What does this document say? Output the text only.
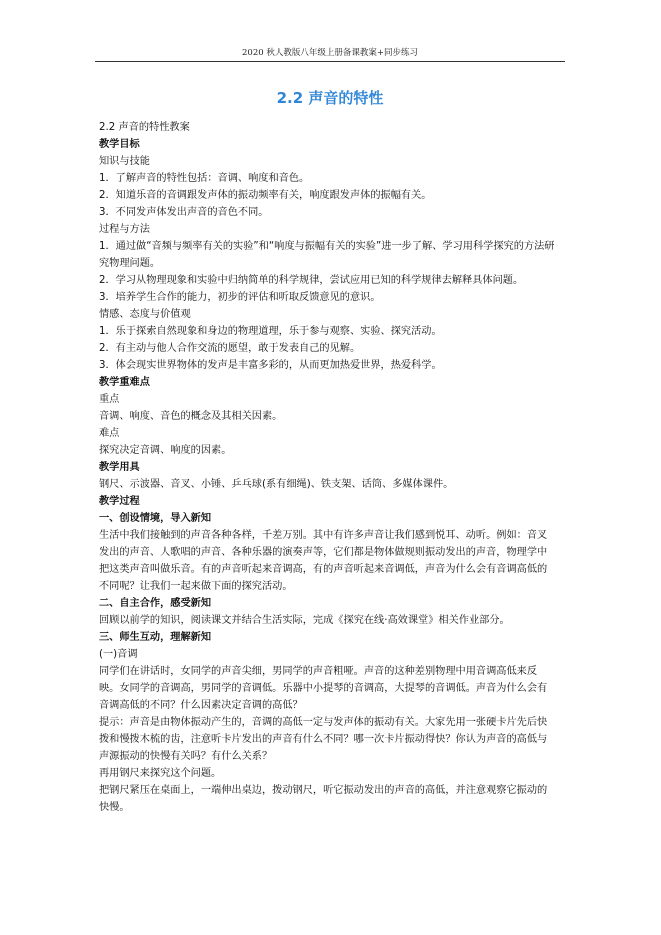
2020 秋人教版八年级上册备课教案+同步练习
2.2 声音的特性

2.2 声音的特性教案

教学目标

知识与技能

1．了解声音的特性包括：音调、响度和音色。

2．知道乐音的音调跟发声体的振动频率有关，响度跟发声体的振幅有关。

3．不同发声体发出声音的音色不同。

过程与方法

1．通过做“音频与频率有关的实验”和“响度与振幅有关的实验”进一步了解、学习用科学探究的方法研究物理问题。

2．学习从物理现象和实验中归纳简单的科学规律，尝试应用已知的科学规律去解释具体问题。

3．培养学生合作的能力，初步的评估和听取反馈意见的意识。

情感、态度与价值观

1．乐于探索自然现象和身边的物理道理，乐于参与观察、实验、探究活动。

2．有主动与他人合作交流的愿望，敢于发表自己的见解。

3．体会现实世界物体的发声是丰富多彩的，从而更加热爱世界，热爱科学。

教学重难点

重点

音调、响度、音色的概念及其相关因素。

难点

探究决定音调、响度的因素。

教学用具

钢尺、示波器、音叉、小锤、乒乓球(系有细绳)、铁支架、话筒、多媒体课件。

教学过程

一、创设情境，导入新知

生活中我们接触到的声音各种各样，千差万别。其中有许多声音让我们感到悦耳、动听。例如：音叉发出的声音、人歌唱的声音、各种乐器的演奏声等，它们都是物体做规则振动发出的声音，物理学中把这类声音叫做乐音。有的声音听起来音调高，有的声音听起来音调低，声音为什么会有音调高低的不同呢？让我们一起来做下面的探究活动。

二、自主合作，感受新知

回顾以前学的知识，阅读课文并结合生活实际，完成《探究在线·高效课堂》相关作业部分。

三、师生互动，理解新知

(一)音调

同学们在讲话时，女同学的声音尖细，男同学的声音粗哑。声音的这种差别物理中用音调高低来反映。女同学的音调高，男同学的音调低。乐器中小提琴的音调高，大提琴的音调低。声音为什么会有音调高低的不同？什么因素决定音调的高低？

提示：声音是由物体振动产生的，音调的高低一定与发声体的振动有关。大家先用一张硬卡片先后快拨和慢拨木梳的齿，注意听卡片发出的声音有什么不同？哪一次卡片振动得快？你认为声音的高低与声源振动的快慢有关吗？有什么关系？

再用钢尺来探究这个问题。

把钢尺紧压在桌面上，一端伸出桌边，拨动钢尺，听它振动发出的声音的高低，并注意观察它振动的快慢。
